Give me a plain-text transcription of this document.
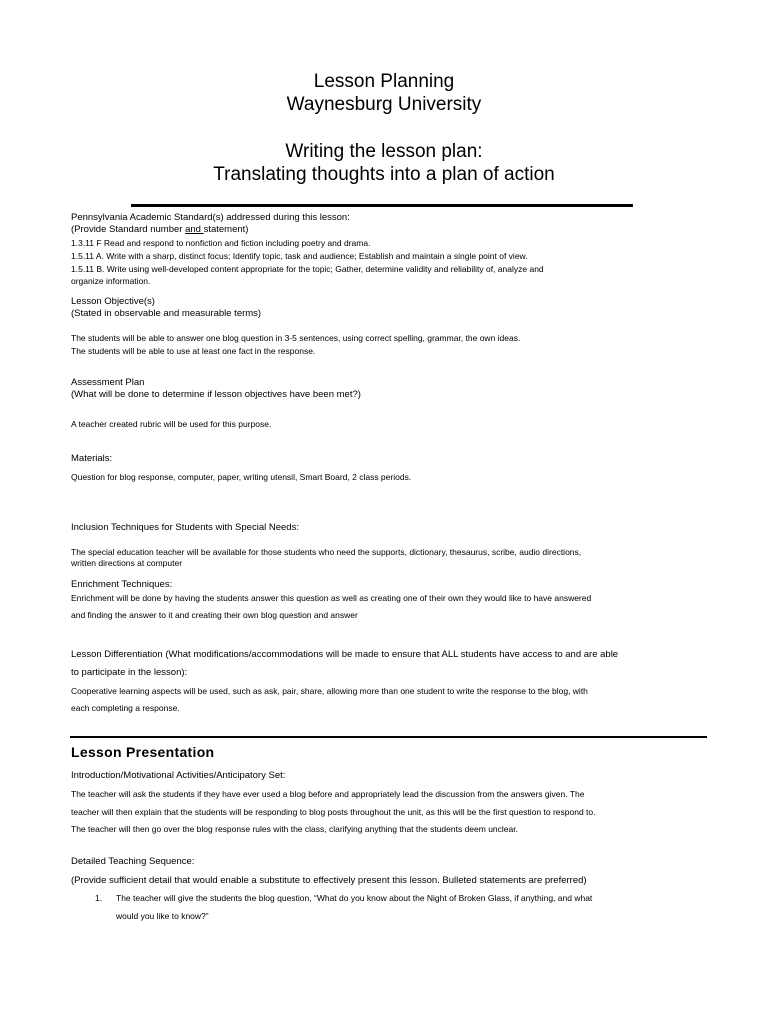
Lesson Planning
Waynesburg University
Writing the lesson plan:
Translating thoughts into a plan of action
Pennsylvania Academic Standard(s) addressed during this lesson:
(Provide Standard number and statement)
1.3.11 F Read and respond to nonfiction and fiction including poetry and drama.
1.5.11 A. Write with a sharp, distinct focus; Identify topic, task and audience; Establish and maintain a single point of view.
1.5.11 B. Write using well-developed content appropriate for the topic; Gather, determine validity and reliability of, analyze and
organize information.
Lesson Objective(s)
(Stated in observable and measurable terms)
The students will be able to answer one blog question in 3-5 sentences, using correct spelling, grammar, the own ideas.
The students will be able to use at least one fact in the response.
Assessment Plan
(What will be done to determine if lesson objectives have been met?)
A teacher created rubric will be used for this purpose.
Materials:
Question for blog response, computer, paper, writing utensil, Smart Board, 2 class periods.
Inclusion Techniques for Students with Special Needs:
The special education teacher will be available for those students who need the supports, dictionary, thesaurus, scribe, audio directions,
written directions at computer
Enrichment Techniques:
Enrichment will be done by having the students answer this question as well as creating one of their own they would like to have answered
and finding the answer to it and creating their own blog question and answer
Lesson Differentiation (What modifications/accommodations will be made to ensure that ALL students have access to and are able
to participate in the lesson):
Cooperative learning aspects will be used, such as ask, pair, share, allowing more than one student to write the response to the blog, with
each completing a response.
Lesson Presentation
Introduction/Motivational Activities/Anticipatory Set:
The teacher will ask the students if they have ever used a blog before and appropriately lead the discussion from the answers given. The
teacher will then explain that the students will be responding to blog posts throughout the unit, as this will be the first question to respond to.
The teacher will then go over the blog response rules with the class, clarifying anything that the students deem unclear.
Detailed Teaching Sequence:
(Provide sufficient detail that would enable a substitute to effectively present this lesson. Bulleted statements are preferred)
1. The teacher will give the students the blog question, “What do you know about the Night of Broken Glass, if anything, and what
would you like to know?”
